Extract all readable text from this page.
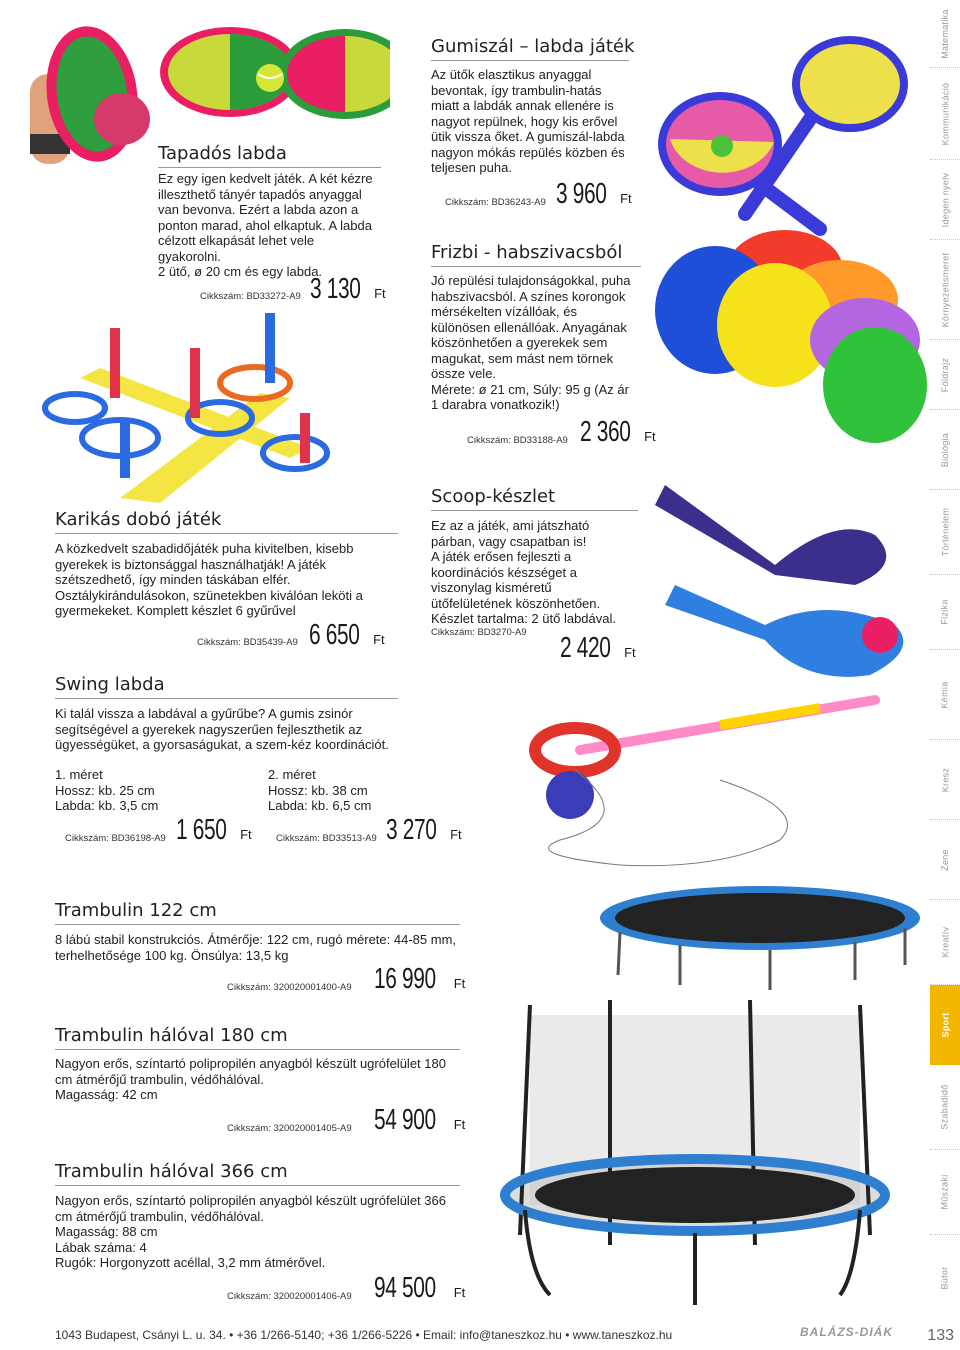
Tapadós labda
Ez egy igen kedvelt játék. A két kézre illeszthető tányér tapadós anyaggal van bevonva. Ezért a labda azon a ponton marad, ahol elkaptuk. A labda célzott elkapását lehet vele gyakorolni.
2 ütő, ø 20 cm és egy labda.
Cikkszám: BD33272-A9 3 130 Ft
Gumiszál – labda játék
Az ütők elasztikus anyaggal bevontak, így trambulin-hatás miatt a labdák annak ellenére is nagyot repülnek, hogy kis erővel ütik vissza őket. A gumiszál-labda nagyon mókás repülés közben és teljesen puha.
Cikkszám: BD36243-A9 3 960 Ft
Frizbi - habszivacsból
Jó repülési tulajdonságokkal, puha habszivacsból. A színes korongok mérsékelten vízállóak, és különösen ellenállóak. Anyagának köszönhetően a gyerekek sem magukat, sem mást nem törnek össze vele.
Mérete: ø 21 cm, Súly: 95 g (Az ár 1 darabra vonatkozik!)
Cikkszám: BD33188-A9 2 360 Ft
Karikás dobó játék
A közkedvelt szabadidőjáték puha kivitelben, kisebb gyerekek is biztonsággal használhatják! A játék szétszedhető, így minden táskában elfér. Osztálykirándulásokon, szünetekben kiválóan leköti a gyermekeket. Komplett készlet 6 gyűrűvel
Cikkszám: BD35439-A9 6 650 Ft
Scoop-készlet
Ez az a játék, ami játszható párban, vagy csapatban is!
A játék erősen fejleszti a koordinációs készséget a viszonylag kisméretű ütőfelületének köszönhetően.
Készlet tartalma: 2 ütő labdával.
Cikkszám: BD3270-A9 2 420 Ft
Swing labda
Ki talál vissza a labdával a gyűrűbe? A gumis zsinór segítségével a gyerekek nagyszerűen fejleszthetik az ügyességüket, a gyorsaságukat, a szem-kéz koordinációt.
1. méret
Hossz: kb. 25 cm
Labda: kb. 3,5 cm
Cikkszám: BD36198-A9 1 650 Ft
2. méret
Hossz: kb. 38 cm
Labda: kb. 6,5 cm
Cikkszám: BD33513-A9 3 270 Ft
Trambulin 122 cm
8 lábú stabil konstrukciós. Átmérője: 122 cm, rugó mérete: 44-85 mm, terhelhetősége 100 kg. Önsúlya: 13,5 kg
Cikkszám: 320020001400-A9 16 990 Ft
Trambulin hálóval 180 cm
Nagyon erős, színtartó polipropilén anyagból készült ugrófelület 180 cm átmérőjű trambulin, védőhálóval.
Magasság: 42 cm
Cikkszám: 320020001405-A9 54 900 Ft
Trambulin hálóval 366 cm
Nagyon erős, színtartó polipropilén anyagból készült ugrófelület 366 cm átmérőjű trambulin, védőhálóval.
Magasság: 88 cm
Lábak száma: 4
Rugók: Horgonyzott acéllal, 3,2 mm átmérővel.
Cikkszám: 320020001406-A9 94 500 Ft
Matematika
Kommunikáció
Idegen nyelv
Környezetismeret
Földrajz
Biológia
Történelem
Fizika
Kémia
Kresz
Zene
Kreatív
Sport
Szabadidő
Műszaki
Bútor
1043 Budapest, Csányi L. u. 34. • +36 1/266-5140; +36 1/266-5226 • Email: info@taneszkoz.hu • www.taneszkoz.hu	BALÁZS-DIÁK 133
